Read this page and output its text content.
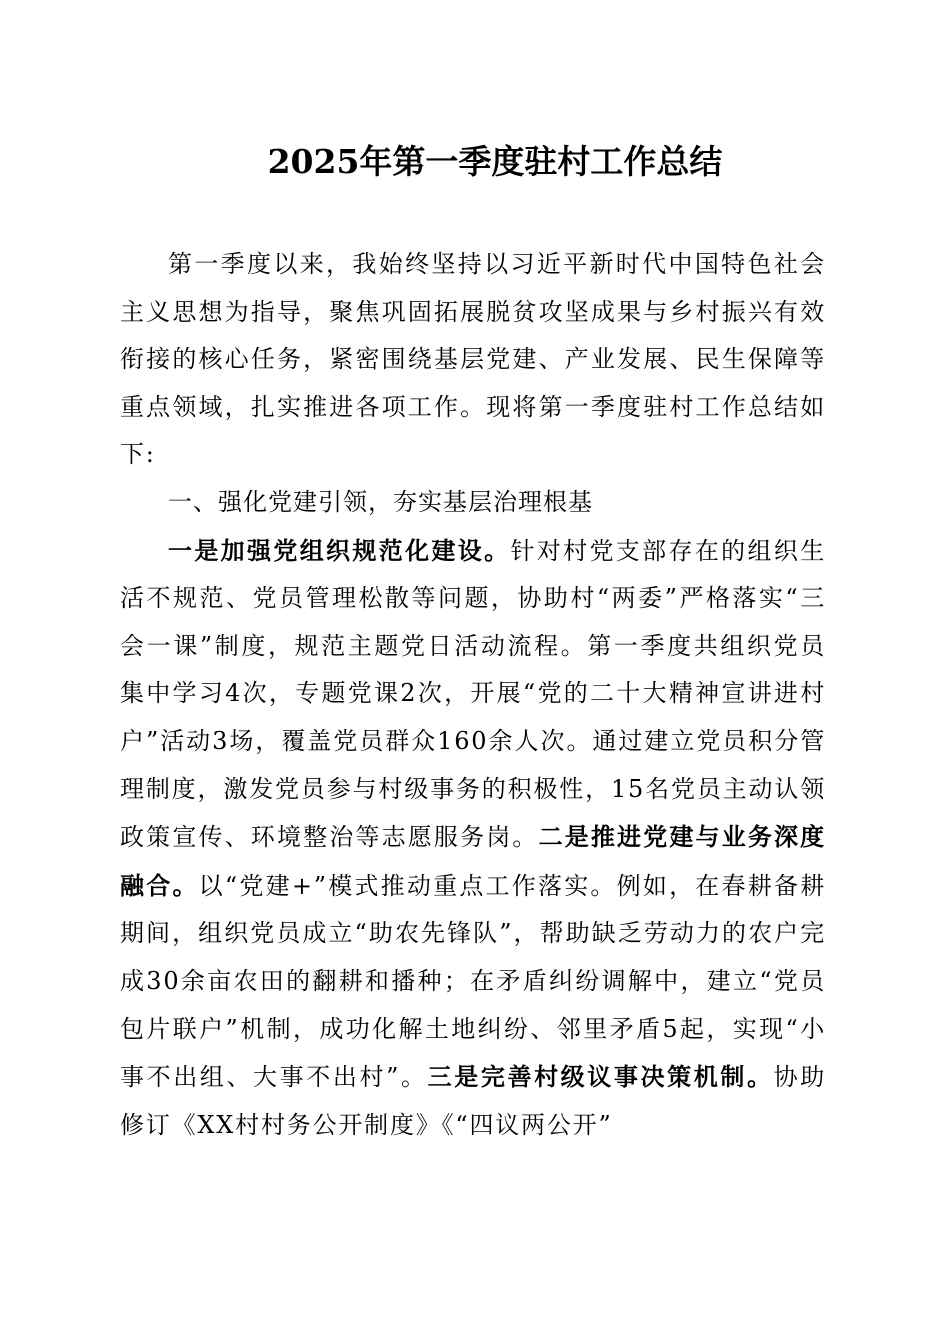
2025年第一季度驻村工作总结

第一季度以来，我始终坚持以习近平新时代中国特色社会主义思想为指导，聚焦巩固拓展脱贫攻坚成果与乡村振兴有效衔接的核心任务，紧密围绕基层党建、产业发展、民生保障等重点领域，扎实推进各项工作。现将第一季度驻村工作总结如下:

一、强化党建引领，夯实基层治理根基

一是加强党组织规范化建设。针对村党支部存在的组织生活不规范、党员管理松散等问题，协助村“两委”严格落实“三会一课”制度，规范主题党日活动流程。第一季度共组织党员集中学习4次，专题党课2次，开展“党的二十大精神宣讲进村户”活动3场，覆盖党员群众160余人次。通过建立党员积分管理制度，激发党员参与村级事务的积极性，15名党员主动认领政策宣传、环境整治等志愿服务岗。二是推进党建与业务深度融合。以“党建+”模式推动重点工作落实。例如，在春耕备耕期间，组织党员成立“助农先锋队”，帮助缺乏劳动力的农户完成30余亩农田的翻耕和播种；在矛盾纠纷调解中，建立“党员包片联户”机制，成功化解土地纠纷、邻里矛盾5起，实现“小事不出组、大事不出村”。三是完善村级议事决策机制。协助修订《XX村村务公开制度》《“四议两公开”
